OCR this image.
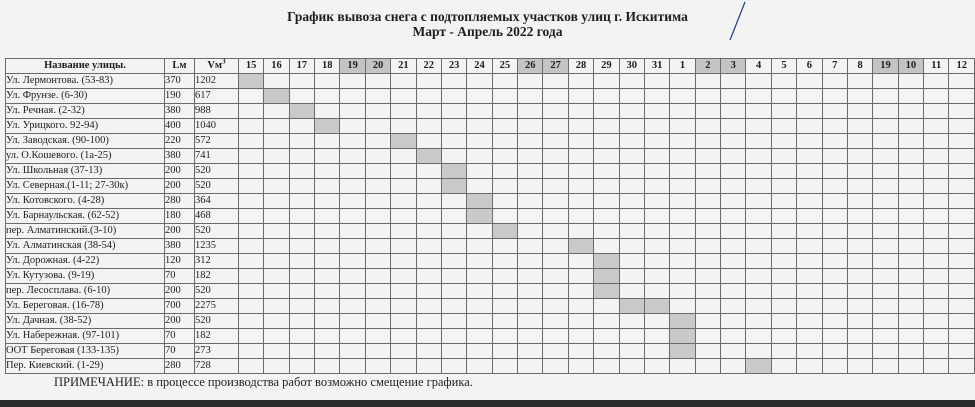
График вывоза снега с подтопляемых участков улиц г. Искитима
Март - Апрель 2022 года
Название улицы.	Lм	$Vм^3$	15	16	17	18	19	20	21	22	23	24	25	26	27	28	29	30	31	1	2	3	4	5	6	7	8	19	10	11	12
Ул. Лермонтова. (53-83)	370	1202																													
Ул. Фрунзе. (6-30)	190	617																													
Ул. Речная. (2-32)	380	988																													
Ул. Урицкого. 92-94)	400	1040																													
Ул. Заводская. (90-100)	220	572																													
ул. О.Кошевого. (1а-25)	380	741																													
Ул. Школьная (37-13)	200	520																													
Ул. Северная.(1-11; 27-30к)	200	520																													
Ул. Котовского. (4-28)	280	364																													
Ул. Барнаульская. (62-52)	180	468																													
пер. Алматинский.(3-10)	200	520																													
Ул. Алматинская (38-54)	380	1235																													
Ул. Дорожная. (4-22)	120	312																													
Ул. Кутузова. (9-19)	70	182																													
пер. Лесосплава. (6-10)	200	520																													
Ул. Береговая. (16-78)	700	2275																													
Ул. Дачная. (38-52)	200	520																													
Ул. Набережная. (97-101)	70	182																													
ООТ Береговая (133-135)	70	273																													
Пер. Киевский. (1-29)	280	728																													
ПРИМЕЧАНИЕ: в процессе производства работ возможно смещение графика.
